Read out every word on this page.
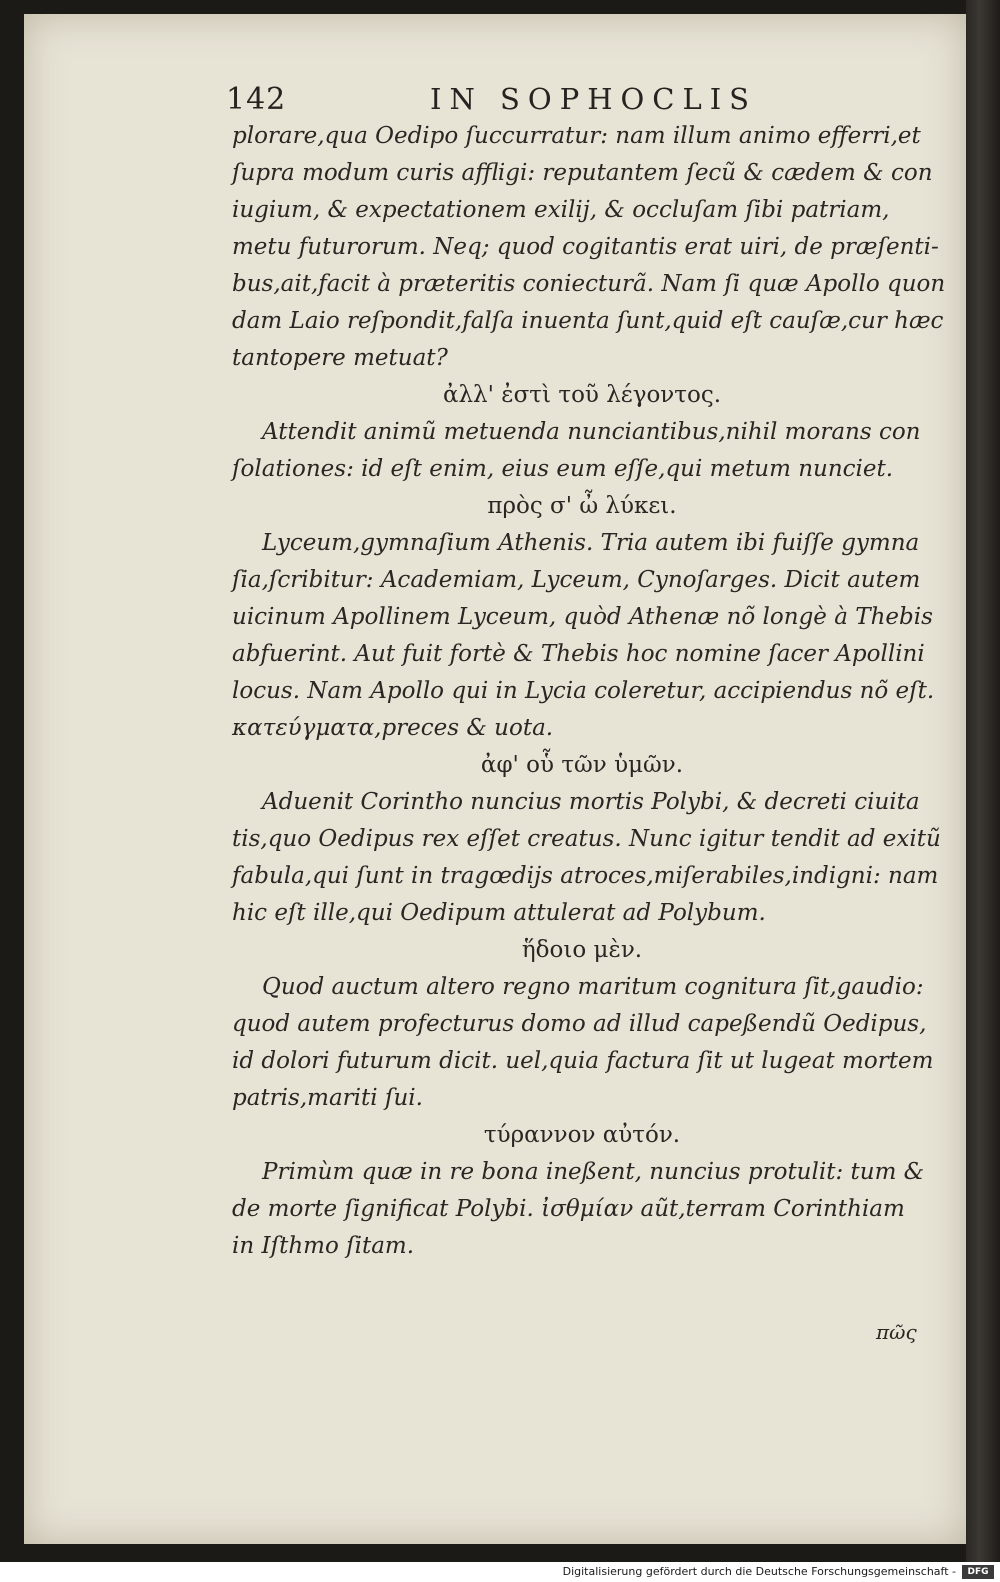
142	IN SOPHOCLIS
plorare,qua Oedipo ſuccurratur: nam illum animo efferri,et
ſupra modum curis affligi: reputantem ſecũ & cædem & con
iugium, & expectationem exilij, & occluſam ſibi patriam,
metu futurorum. Neq; quod cogitantis erat uiri, de præſenti-
bus,ait,facit à præteritis coniecturã. Nam ſi quæ Apollo quon
dam Laio reſpondit,falſa inuenta ſunt,quid eſt cauſæ,cur hæc
tantopere metuat?
ἀλλ' ἐστὶ τοῦ λέγοντος.
Attendit animũ metuenda nunciantibus,nihil morans con
ſolationes: id eſt enim, eius eum eſſe,qui metum nunciet.
πρὸς σ' ὦ λύκει.
Lyceum,gymnaſium Athenis. Tria autem ibi fuiſſe gymna
ſia,ſcribitur: Academiam, Lyceum, Cynoſarges. Dicit autem
uicinum Apollinem Lyceum, quòd Athenæ nõ longè à Thebis
abfuerint. Aut fuit fortè & Thebis hoc nomine ſacer Apollini
locus. Nam Apollo qui in Lycia coleretur, accipiendus nõ eſt.
κατεύγματα,preces & uota.
ἀφ' οὗ τῶν ὑμῶν.
Aduenit Corintho nuncius mortis Polybi, & decreti ciuita
tis,quo Oedipus rex eſſet creatus. Nunc igitur tendit ad exitũ
fabula,qui ſunt in tragœdijs atroces,miſerabiles,indigni: nam
hic eſt ille,qui Oedipum attulerat ad Polybum.
ἥδοιο μὲν.
Quod auctum altero regno maritum cognitura ſit,gaudio:
quod autem profecturus domo ad illud capeßendũ Oedipus,
id dolori futurum dicit. uel,quia factura ſit ut lugeat mortem
patris,mariti ſui.
τύραννον αὐτόν.
Primùm quæ in re bona ineßent, nuncius protulit: tum &
de morte ſignificat Polybi. ἰσθμίαν aũt,terram Corinthiam
in Iſthmo ſitam.
πῶς
Digitalisierung gefördert durch die Deutsche Forschungsgemeinschaft -	DFG
